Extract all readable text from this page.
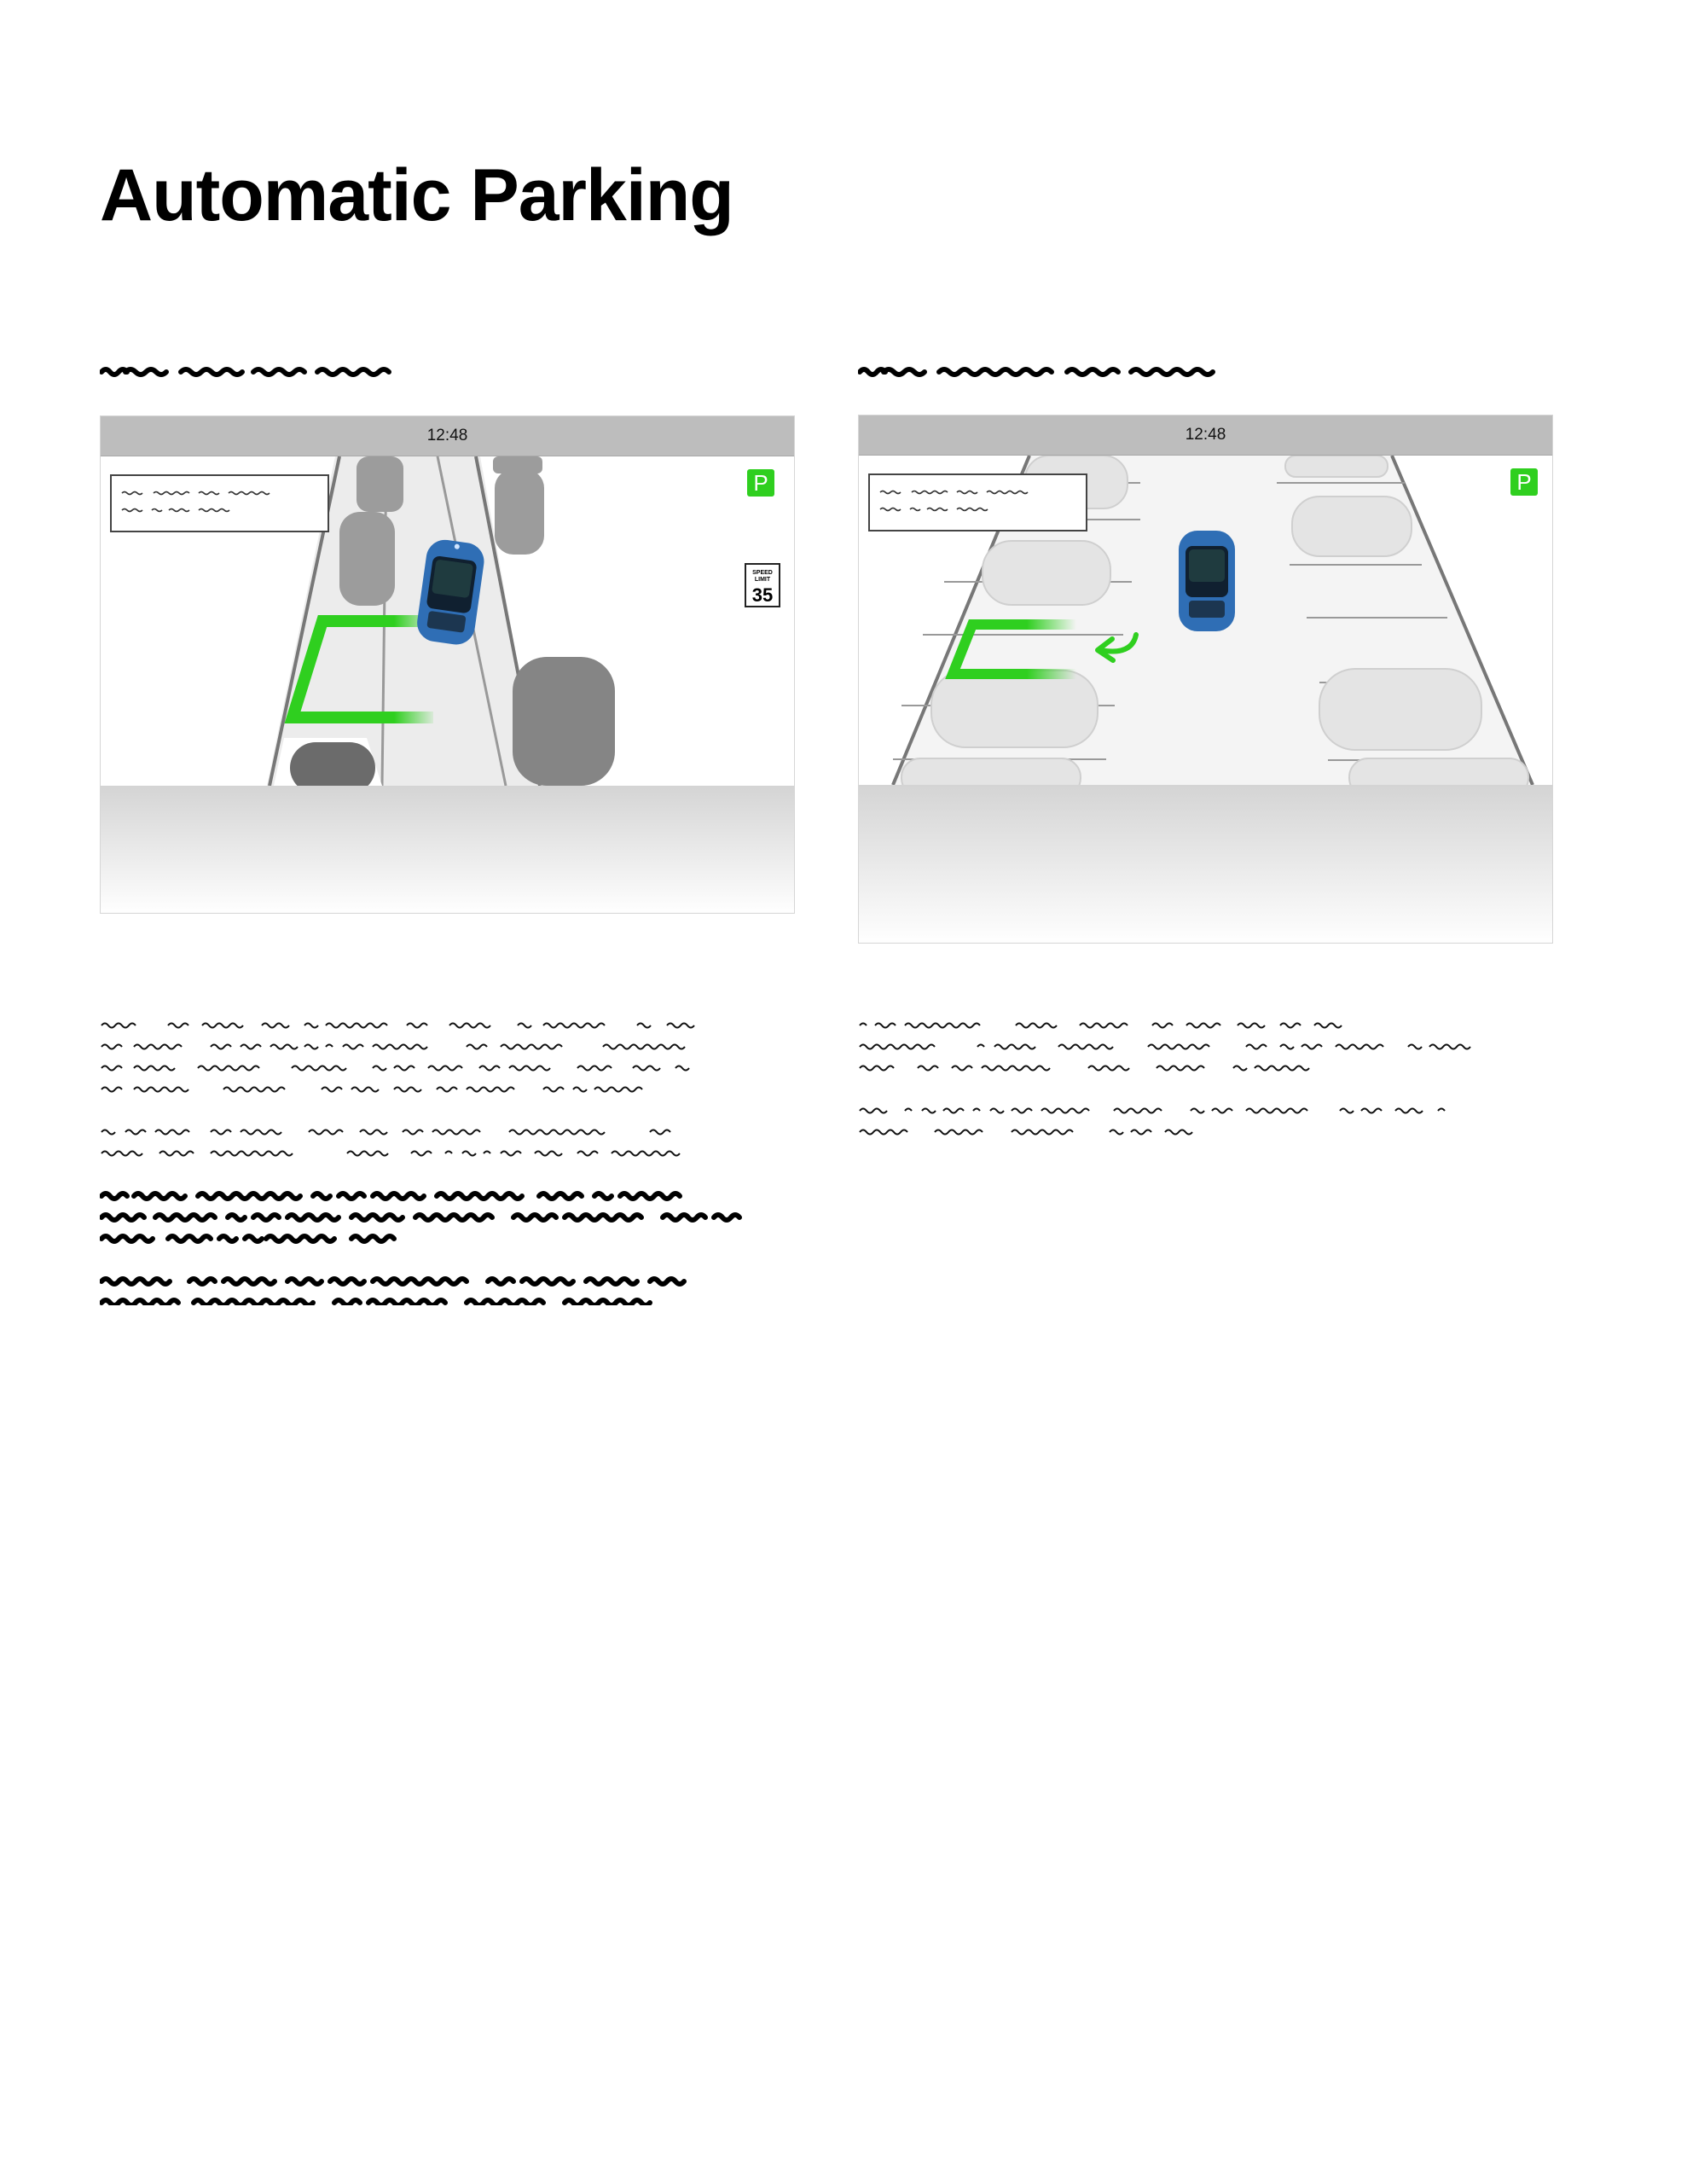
Automatic Parking
12:48
P
SPEED
LIMIT
35
12:48
P
